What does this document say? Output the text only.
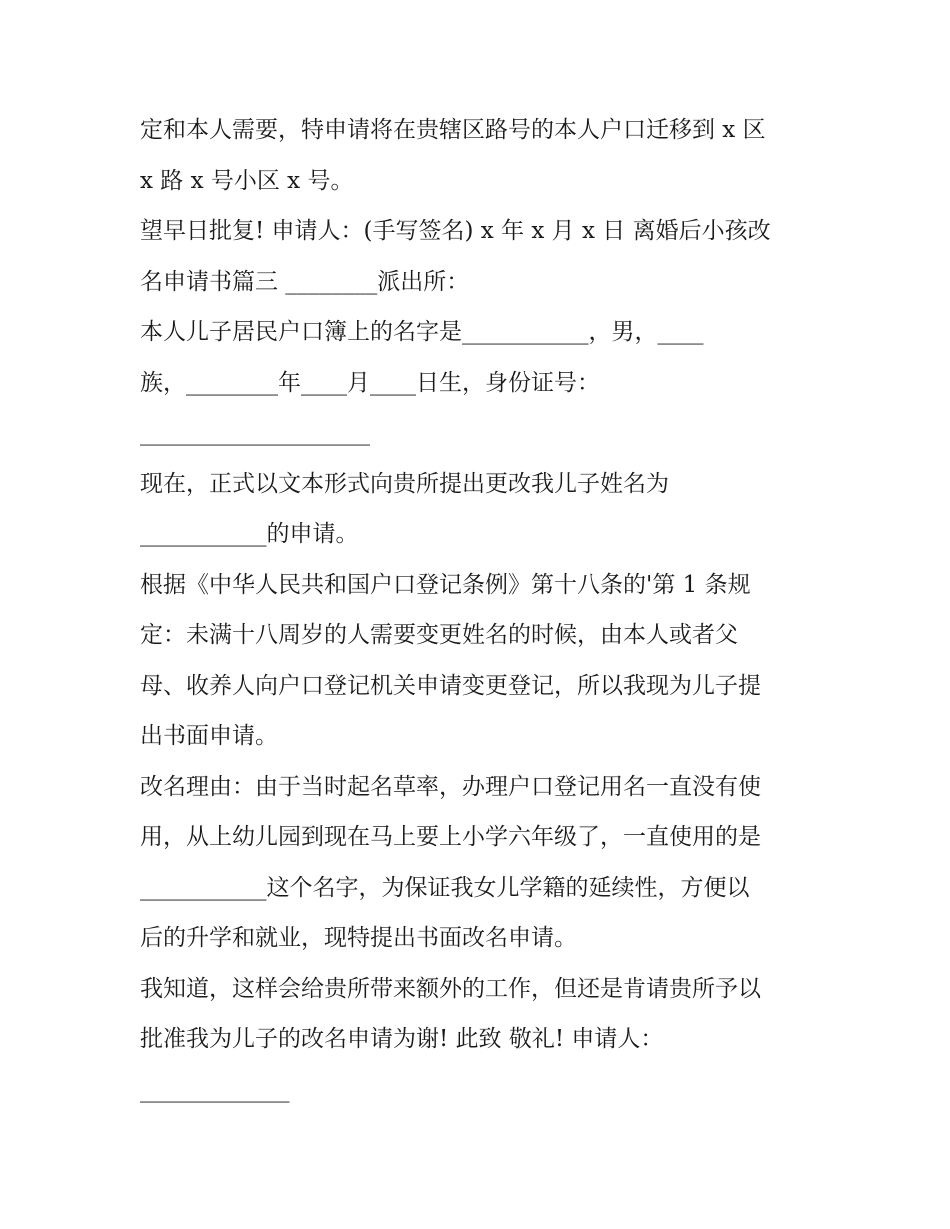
定和本人需要，特申请将在贵辖区路号的本人户口迁移到 x 区
x 路 x 号小区 x 号。
望早日批复! 申请人：(手写签名) x 年 x 月 x 日 离婚后小孩改
名申请书篇三 ________派出所：
本人儿子居民户口簿上的名字是___________，男，____
族，________年____月____日生，身份证号：
____________________
现在，正式以文本形式向贵所提出更改我儿子姓名为
___________的申请。
根据《中华人民共和国户口登记条例》第十八条的'第 1 条规
定：未满十八周岁的人需要变更姓名的时候，由本人或者父
母、收养人向户口登记机关申请变更登记，所以我现为儿子提
出书面申请。
改名理由：由于当时起名草率，办理户口登记用名一直没有使
用，从上幼儿园到现在马上要上小学六年级了，一直使用的是
___________这个名字，为保证我女儿学籍的延续性，方便以
后的升学和就业，现特提出书面改名申请。
我知道，这样会给贵所带来额外的工作，但还是肯请贵所予以
批准我为儿子的改名申请为谢! 此致 敬礼! 申请人：
_____________
